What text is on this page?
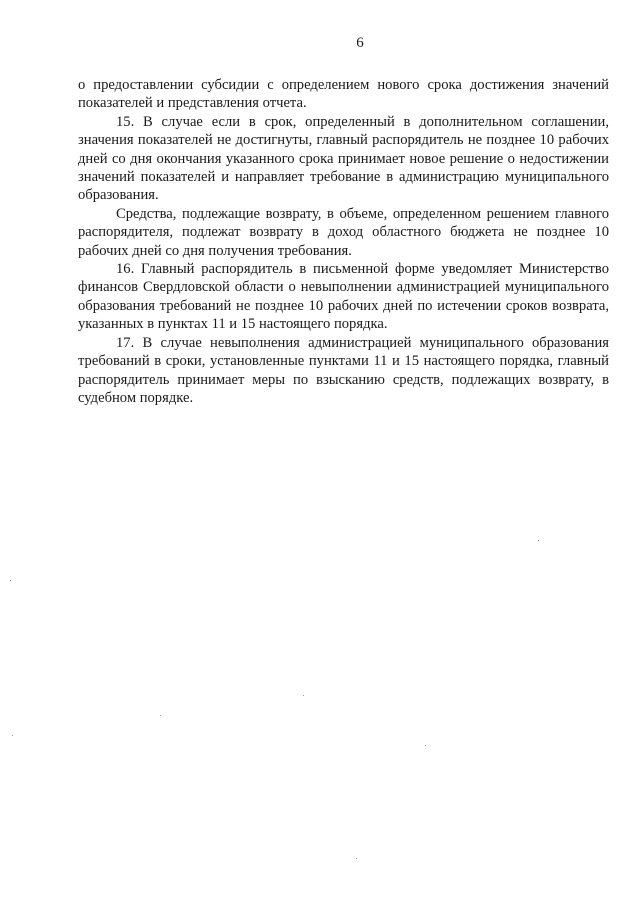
6

о предоставлении субсидии с определением нового срока достижения значений показателей и представления отчета.

15. В случае если в срок, определенный в дополнительном соглашении, значения показателей не достигнуты, главный распорядитель не позднее 10 рабочих дней со дня окончания указанного срока принимает новое решение о недостижении значений показателей и направляет требование в администрацию муниципального образования.

Средства, подлежащие возврату, в объеме, определенном решением главного распорядителя, подлежат возврату в доход областного бюджета не позднее 10 рабочих дней со дня получения требования.

16. Главный распорядитель в письменной форме уведомляет Министерство финансов Свердловской области о невыполнении администрацией муниципального образования требований не позднее 10 рабочих дней по истечении сроков возврата, указанных в пунктах 11 и 15 настоящего порядка.

17. В случае невыполнения администрацией муниципального образования требований в сроки, установленные пунктами 11 и 15 настоящего порядка, главный распорядитель принимает меры по взысканию средств, подлежащих возврату, в судебном порядке.
